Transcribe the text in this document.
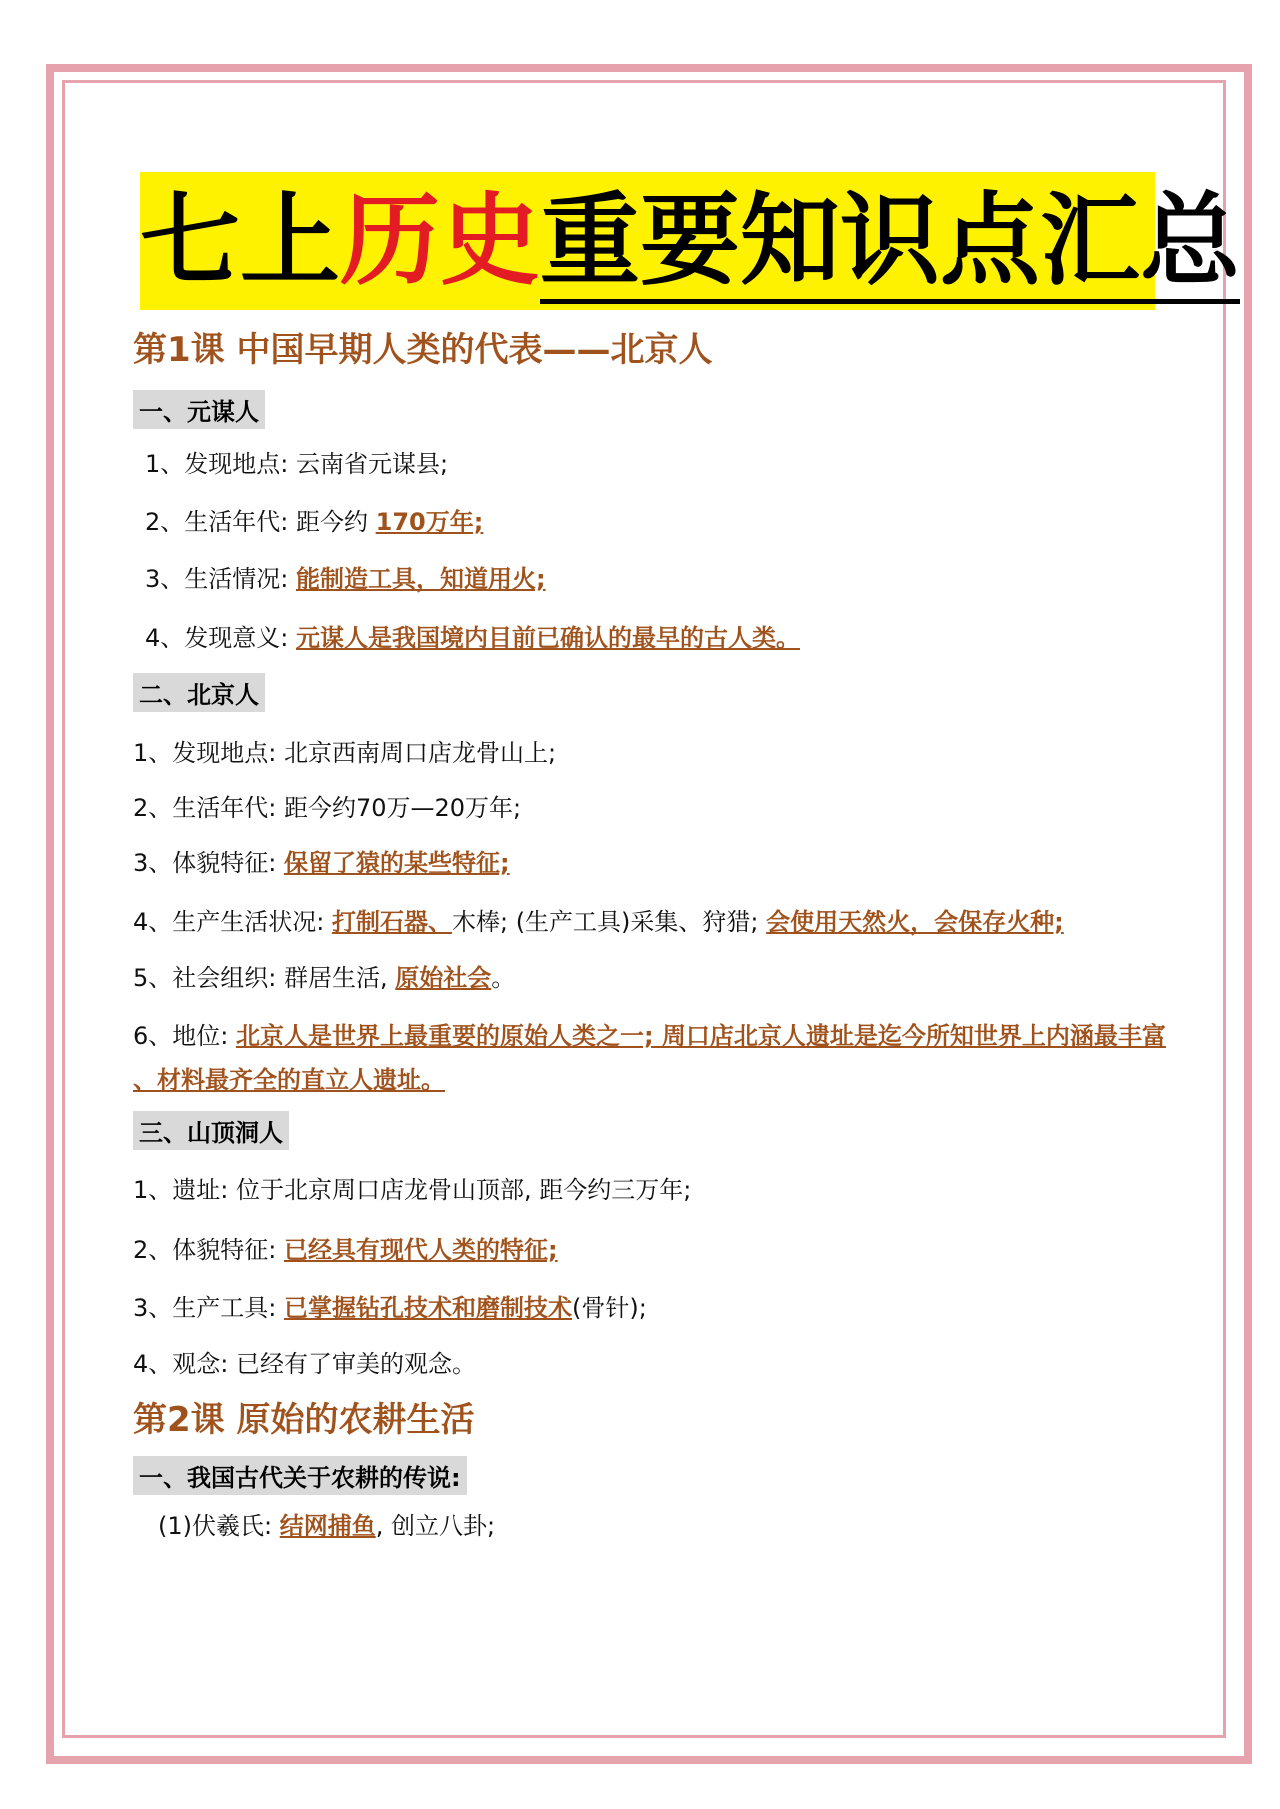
七上历史重要知识点汇总
第1课 中国早期人类的代表——北京人
一、元谋人
1、发现地点: 云南省元谋县;
2、生活年代: 距今约 170万年;
3、生活情况: 能制造工具，知道用火;
4、发现意义: 元谋人是我国境内目前已确认的最早的古人类。
二、北京人
1、发现地点: 北京西南周口店龙骨山上;
2、生活年代: 距今约70万—20万年;
3、体貌特征: 保留了猿的某些特征;
4、生产生活状况: 打制石器、木棒; (生产工具)采集、狩猎; 会使用天然火，会保存火种;
5、社会组织: 群居生活, 原始社会。
6、地位: 北京人是世界上最重要的原始人类之一; 周口店北京人遗址是迄今所知世界上内涵最丰富
、材料最齐全的直立人遗址。
三、山顶洞人
1、遗址: 位于北京周口店龙骨山顶部, 距今约三万年;
2、体貌特征: 已经具有现代人类的特征;
3、生产工具: 已掌握钻孔技术和磨制技术(骨针);
4、观念: 已经有了审美的观念。
第2课 原始的农耕生活
一、我国古代关于农耕的传说:
(1)伏羲氏: 结网捕鱼, 创立八卦;
